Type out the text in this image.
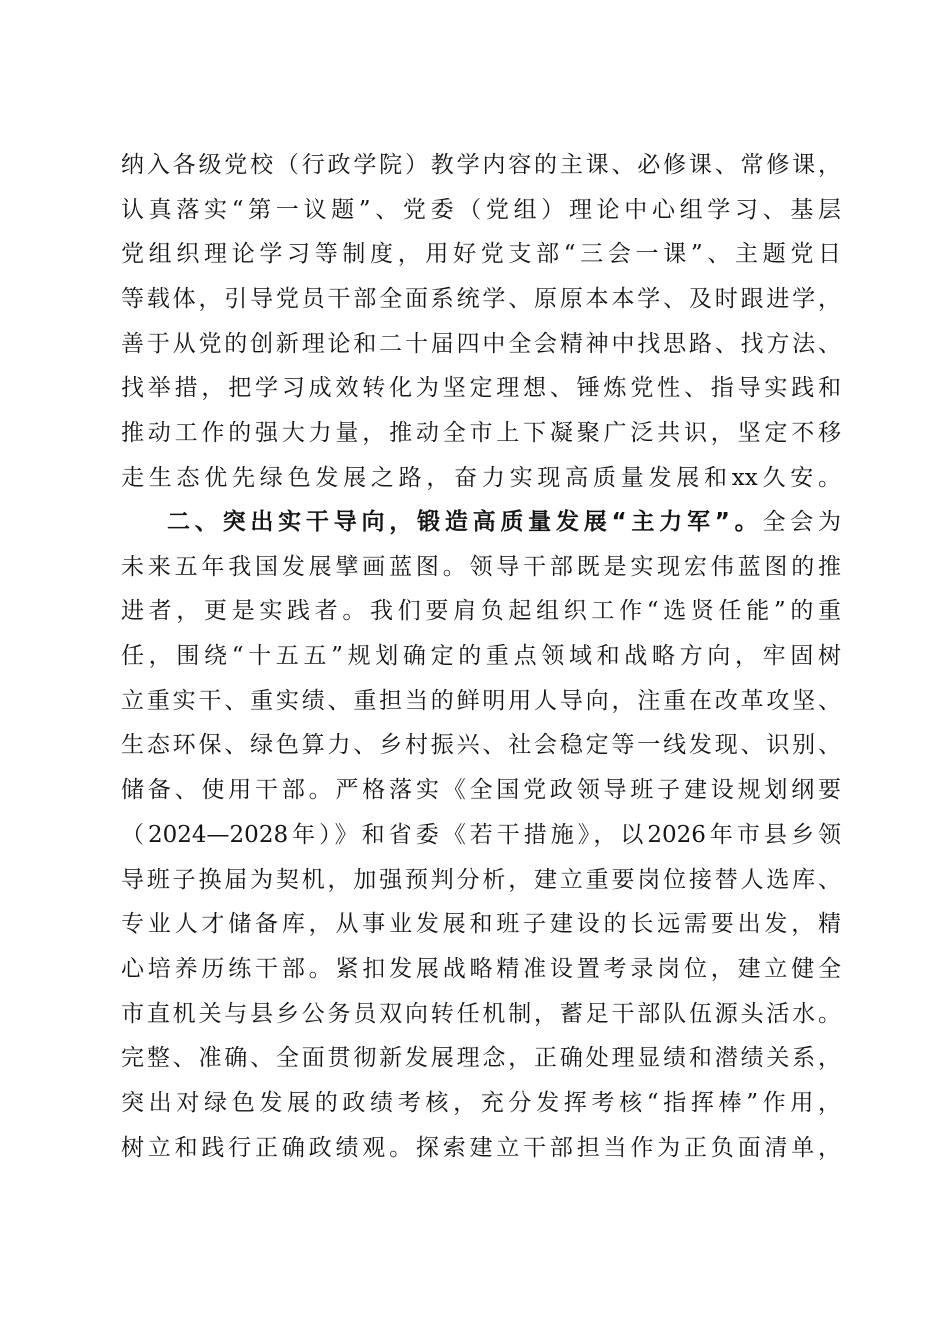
纳入各级党校（行政学院）教学内容的主课、必修课、常修课，
认真落实“第一议题”、党委（党组）理论中心组学习、基层
党组织理论学习等制度，用好党支部“三会一课”、主题党日
等载体，引导党员干部全面系统学、原原本本学、及时跟进学，
善于从党的创新理论和二十届四中全会精神中找思路、找方法、
找举措，把学习成效转化为坚定理想、锤炼党性、指导实践和
推动工作的强大力量，推动全市上下凝聚广泛共识，坚定不移
走生态优先绿色发展之路，奋力实现高质量发展和xx久安。
二、突出实干导向，锻造高质量发展“主力军”。全会为
未来五年我国发展擘画蓝图。领导干部既是实现宏伟蓝图的推
进者，更是实践者。我们要肩负起组织工作“选贤任能”的重
任，围绕“十五五”规划确定的重点领域和战略方向，牢固树
立重实干、重实绩、重担当的鲜明用人导向，注重在改革攻坚、
生态环保、绿色算力、乡村振兴、社会稳定等一线发现、识别、
储备、使用干部。严格落实《全国党政领导班子建设规划纲要
（2024—2028年）》和省委《若干措施》，以2026年市县乡领
导班子换届为契机，加强预判分析，建立重要岗位接替人选库、
专业人才储备库，从事业发展和班子建设的长远需要出发，精
心培养历练干部。紧扣发展战略精准设置考录岗位，建立健全
市直机关与县乡公务员双向转任机制，蓄足干部队伍源头活水。
完整、准确、全面贯彻新发展理念，正确处理显绩和潜绩关系，
突出对绿色发展的政绩考核，充分发挥考核“指挥棒”作用，
树立和践行正确政绩观。探索建立干部担当作为正负面清单，
